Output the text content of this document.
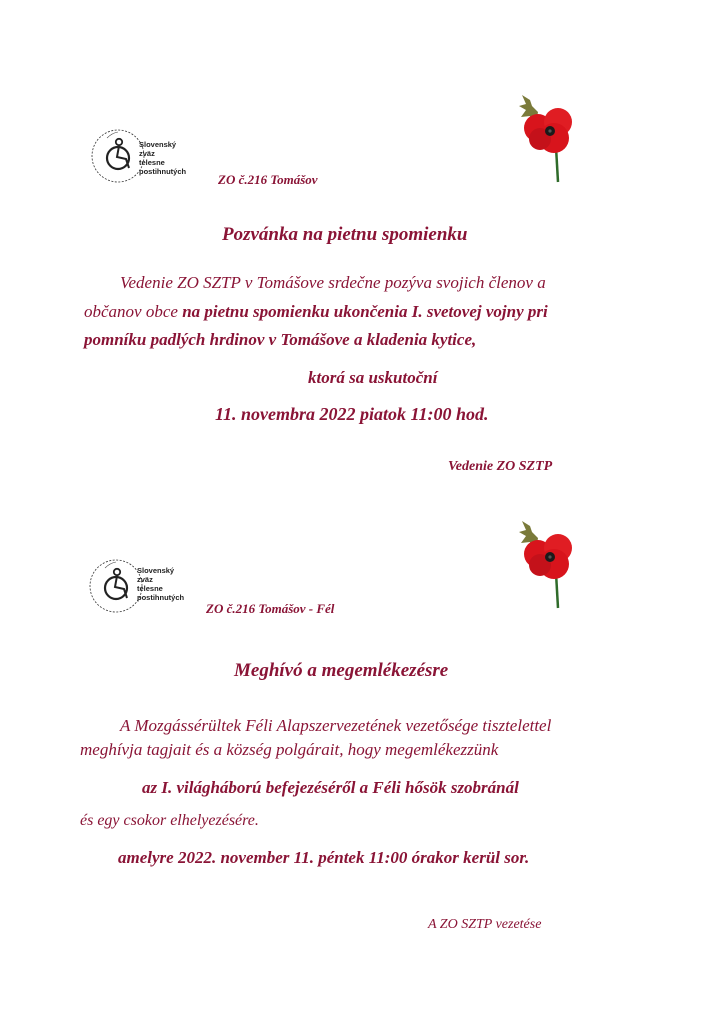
Slovenský
zväz
telesne
postihnutých
ZO č.216 Tomášov
Pozvánka na pietnu spomienku
Vedenie ZO SZTP v Tomášove srdečne pozýva svojich členov a
občanov obce na pietnu spomienku ukončenia I. svetovej vojny pri
pomníku padlých hrdinov v Tomášove a kladenia kytice,
ktorá sa uskutoční
11. novembra 2022 piatok 11:00 hod.
Vedenie ZO SZTP
Slovenský
zväz
telesne
postihnutých
ZO č.216 Tomášov - Fél
Meghívó a megemlékezésre
A Mozgássérültek Féli Alapszervezetének vezetősége tisztelettel
meghívja tagjait és a község polgárait, hogy megemlékezzünk
az I. világháború befejezéséről a Féli hősök szobránál
és egy csokor elhelyezésére.
amelyre 2022. november 11. péntek 11:00 órakor kerül sor.
A ZO SZTP vezetése
